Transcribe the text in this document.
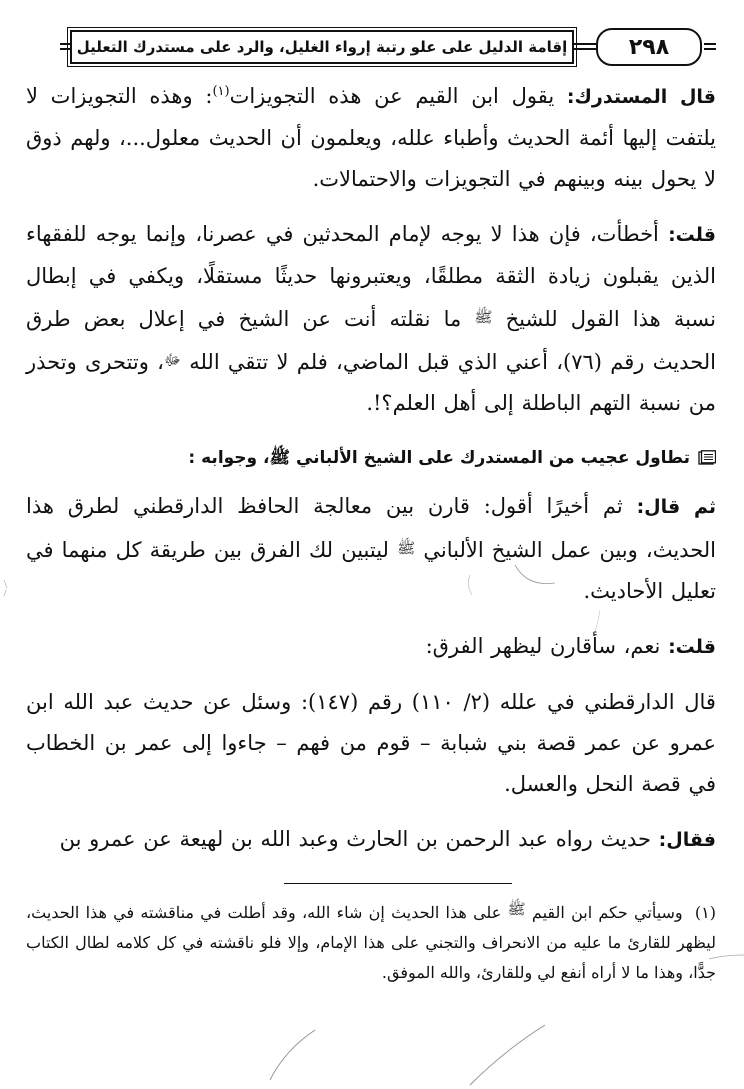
٢٩٨
إقامة الدليل على علو رتبة إرواء الغليل، والرد على مستدرك التعليل

قال المستدرك: يقول ابن القيم عن هذه التجويزات$^{(١)}$: وهذه التجويزات لا يلتفت إليها أئمة الحديث وأطباء علله، ويعلمون أن الحديث معلول...، ولهم ذوق لا يحول بينه وبينهم في التجويزات والاحتمالات.

قلت: أخطأت، فإن هذا لا يوجه لإمام المحدثين في عصرنا، وإنما يوجه للفقهاء الذين يقبلون زيادة الثقة مطلقًا، ويعتبرونها حديثًا مستقلًا، ويكفي في إبطال نسبة هذا القول للشيخ ﷺ ما نقلته أنت عن الشيخ في إعلال بعض طرق الحديث رقم (٧٦)، أعني الذي قبل الماضي، فلم لا تتقي الله ﷻ، وتتحرى وتحذر من نسبة التهم الباطلة إلى أهل العلم؟!.

تطاول عجيب من المستدرك على الشيخ الألباني ﷺ، وجوابه :

ثم قال: ثم أخيرًا أقول: قارن بين معالجة الحافظ الدارقطني لطرق هذا الحديث، وبين عمل الشيخ الألباني ﷺ ليتبين لك الفرق بين طريقة كل منهما في تعليل الأحاديث.

قلت: نعم، سأقارن ليظهر الفرق:

قال الدارقطني في علله (٢/ ١١٠) رقم (١٤٧): وسئل عن حديث عبد الله ابن عمرو عن عمر قصة بني شبابة – قوم من فهم – جاءوا إلى عمر بن الخطاب في قصة النحل والعسل.

فقال: حديث رواه عبد الرحمن بن الحارث وعبد الله بن لهيعة عن عمرو بن

(١) وسيأتي حكم ابن القيم ﷺ على هذا الحديث إن شاء الله، وقد أطلت في مناقشته في هذا الحديث، ليظهر للقارئ ما عليه من الانحراف والتجني على هذا الإمام، وإلا فلو ناقشته في كل كلامه لطال الكتاب جدًّا، وهذا ما لا أراه أنفع لي وللقارئ، والله الموفق.
